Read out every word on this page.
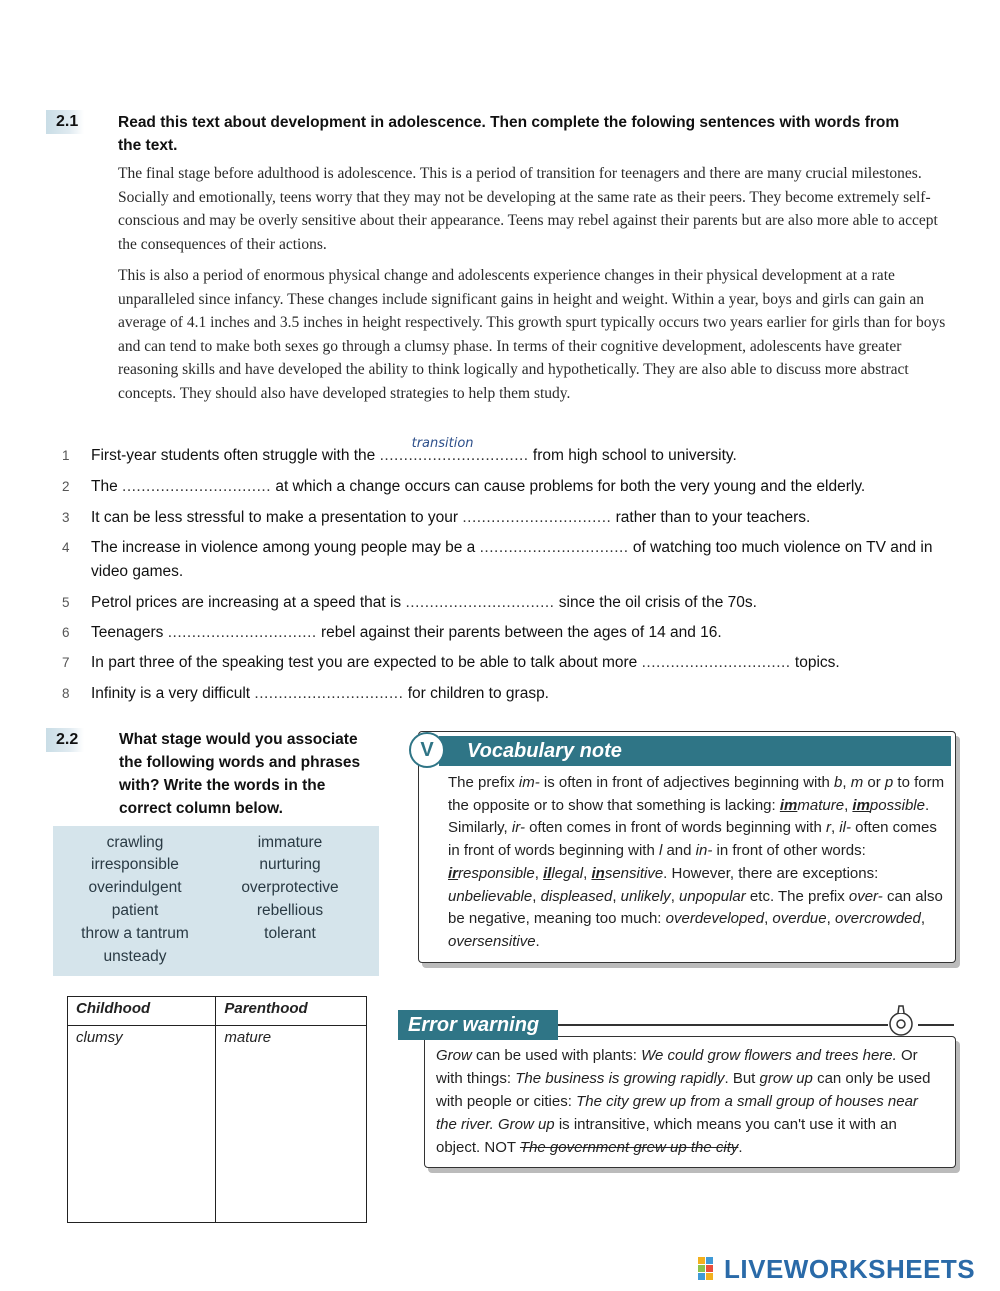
2.1	Read this text about development in adolescence. Then complete the folowing sentences with words from
the text.
The final stage before adulthood is adolescence. This is a period of transition for teenagers and there are many crucial milestones. Socially and emotionally, teens worry that they may not be developing at the same rate as their peers. They become extremely self-conscious and may be overly sensitive about their appearance. Teens may rebel against their parents but are also more able to accept the consequences of their actions.
This is also a period of enormous physical change and adolescents experience changes in their physical development at a rate unparalleled since infancy. These changes include significant gains in height and weight. Within a year, boys and girls can gain an average of 4.1 inches and 3.5 inches in height respectively. This growth spurt typically occurs two years earlier for girls than for boys and can tend to make both sexes go through a clumsy phase. In terms of their cognitive development, adolescents have greater reasoning skills and have developed the ability to think logically and hypothetically. They are also able to discuss more abstract concepts. They should also have developed strategies to help them study.
1	First-year students often struggle with the ...............................
transition
from high school to university.
2	The ............................... at which a change occurs can cause problems for both the very young and the elderly.
3	It can be less stressful to make a presentation to your ............................... rather than to your teachers.
4	The increase in violence among young people may be a ............................... of watching too much violence on TV and in video games.
5	Petrol prices are increasing at a speed that is ............................... since the oil crisis of the 70s.
6	Teenagers ............................... rebel against their parents between the ages of 14 and 16.
7	In part three of the speaking test you are expected to be able to talk about more ............................... topics.
8	Infinity is a very difficult ............................... for children to grasp.
2.2	What stage would you associate
the following words and phrases
with? Write the words in the
correct column below.
crawling
irresponsible
overindulgent
patient
throw a tantrum
unsteady
immature
nurturing
overprotective
rebellious
tolerant
Childhood	Parenthood
clumsy	mature
Vocabulary note
V
The prefix im- is often in front of adjectives beginning with b, m or p to form the opposite or to show that something is lacking: immature, impossible. Similarly, ir- often comes in front of words beginning with r, il- often comes in front of words beginning with l and in- in front of other words: irresponsible, illegal, insensitive. However, there are exceptions: unbelievable, displeased, unlikely, unpopular etc. The prefix over- can also be negative, meaning too much: overdeveloped, overdue, overcrowded, oversensitive.
Error warning
Grow can be used with plants: We could grow flowers and trees here. Or with things: The business is growing rapidly. But grow up can only be used with people or cities: The city grew up from a small group of houses near the river. Grow up is intransitive, which means you can't use it with an object. NOT The government grew up the city.
LIVEWORKSHEETS
